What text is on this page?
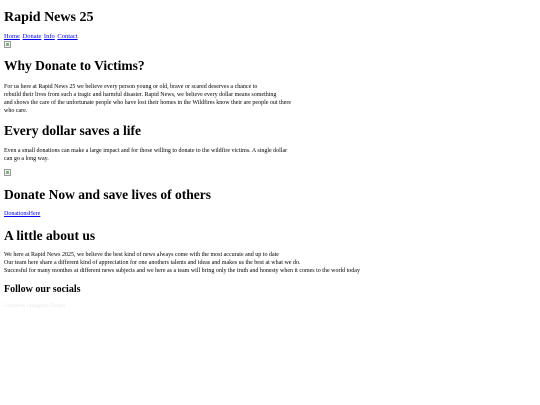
Rapid News 25
Home Donate Info Contact
Why Donate to Victims?
For us here at Rapid News 25 we believe every person young or old, brave or scared deserves a chance to
rebuild their lives from such a tragic and harmful disaster. Rapid News, we believe every dollar means something
and shows the care of the unfortunate people who have lost their homes in the Wildfires know their are people out there
who care.
Every dollar saves a life
Even a small donations can make a large impact and for those willing to donate to the wildfire victims. A single dollar
can go a long way.
Donate Now and save lives of others
DonationsHere
A little about us
We here at Rapid News 2025, we believe the best kind of news always come with the most accurate and up to date
Our team here share a different kind of appreciation for one anothers talents and ideas and makes us the best at what we do.
Succesful for many monthes at different news subjects and we here as a team will bring only the truth and honesty when it comes to the world today
Follow our socials
Facebook Instagram Twitter
